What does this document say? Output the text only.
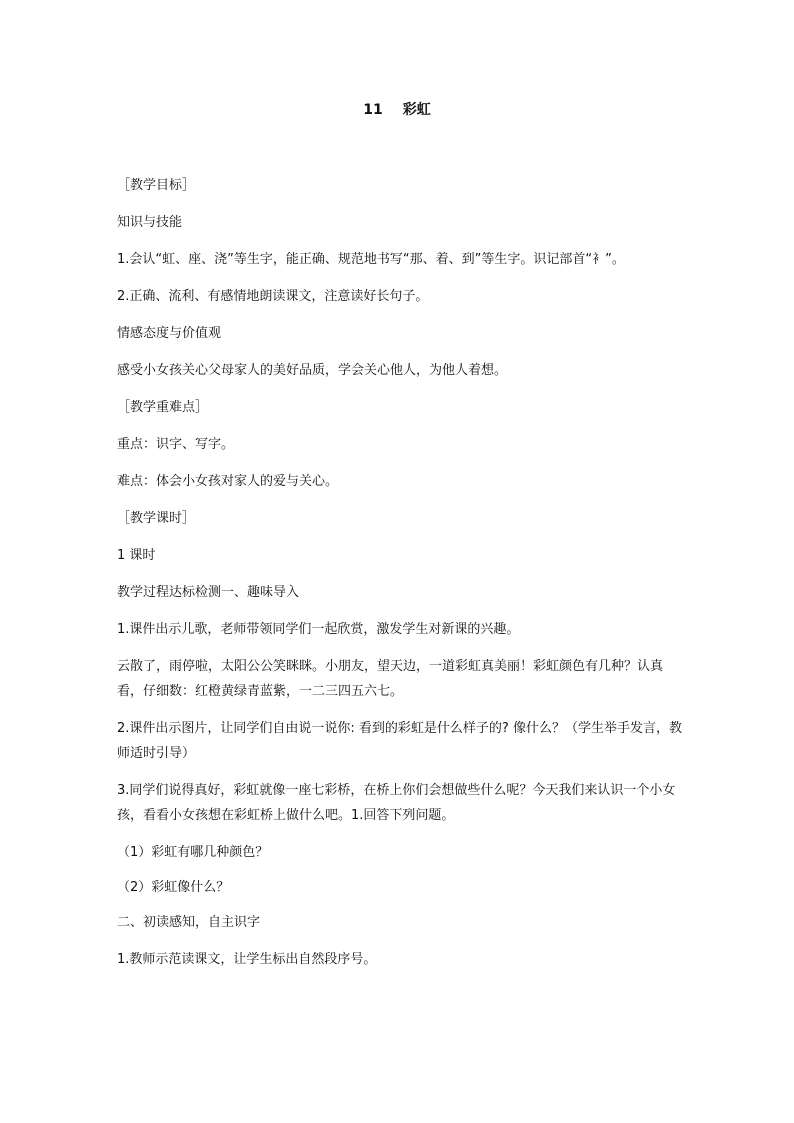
11 彩虹

［教学目标］

知识与技能

1.会认“虹、座、浇”等生字，能正确、规范地书写“那、着、到”等生字。识记部首“衤”。

2.正确、流利、有感情地朗读课文，注意读好长句子。

情感态度与价值观

感受小女孩关心父母家人的美好品质，学会关心他人，为他人着想。

［教学重难点］

重点：识字、写字。

难点：体会小女孩对家人的爱与关心。

［教学课时］

1 课时

教学过程达标检测一、趣味导入

1.课件出示儿歌，老师带领同学们一起欣赏，激发学生对新课的兴趣。

云散了，雨停啦，太阳公公笑眯眯。小朋友，望天边，一道彩虹真美丽！彩虹颜色有几种？认真看，仔细数：红橙黄绿青蓝紫，一二三四五六七。

2.课件出示图片，让同学们自由说一说你: 看到的彩虹是什么样子的? 像什么？（学生举手发言，教师适时引导）

3.同学们说得真好，彩虹就像一座七彩桥，在桥上你们会想做些什么呢？今天我们来认识一个小女孩，看看小女孩想在彩虹桥上做什么吧。1.回答下列问题。

（1）彩虹有哪几种颜色？

（2）彩虹像什么？

二、初读感知，自主识字

1.教师示范读课文，让学生标出自然段序号。
